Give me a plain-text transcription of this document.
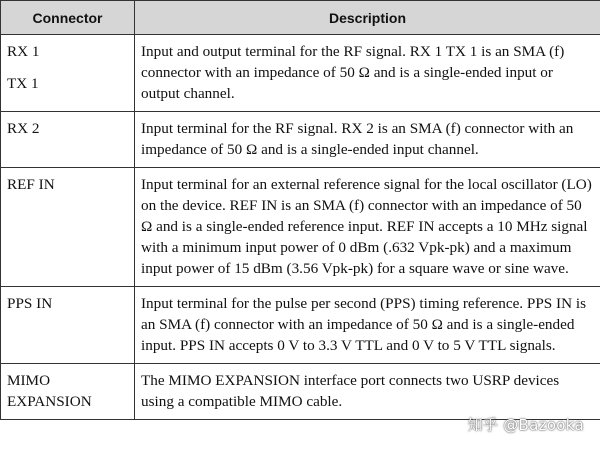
Connector	Description

RX 1
TX 1	Input and output terminal for the RF signal. RX 1 TX 1 is an SMA (f) connector with an impedance of 50 Ω and is a single-ended input or output channel.

RX 2	Input terminal for the RF signal. RX 2 is an SMA (f) connector with an impedance of 50 Ω and is a single-ended input channel.

REF IN	Input terminal for an external reference signal for the local oscillator (LO) on the device. REF IN is an SMA (f) connector with an impedance of 50 Ω and is a single-ended reference input. REF IN accepts a 10 MHz signal with a minimum input power of 0 dBm (.632 Vpk-pk) and a maximum input power of 15 dBm (3.56 Vpk-pk) for a square wave or sine wave.

PPS IN	Input terminal for the pulse per second (PPS) timing reference. PPS IN is an SMA (f) connector with an impedance of 50 Ω and is a single-ended input. PPS IN accepts 0 V to 3.3 V TTL and 0 V to 5 V TTL signals.

MIMO
EXPANSION	The MIMO EXPANSION interface port connects two USRP devices using a compatible MIMO cable.
知乎 @Bazooka
